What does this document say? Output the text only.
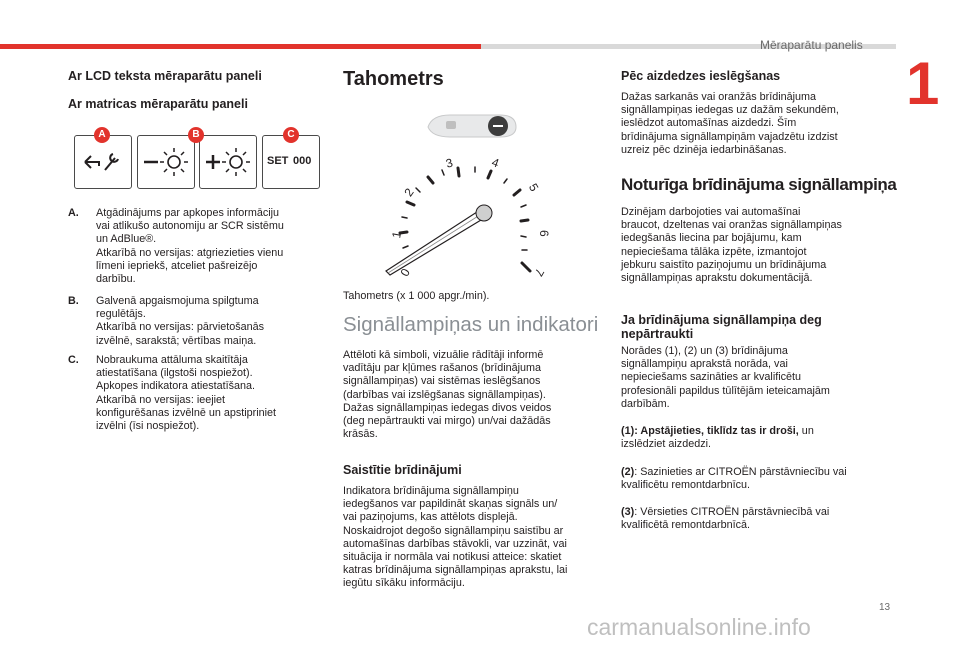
Mēraparātu panelis
1
Ar LCD teksta mēraparātu paneli
Ar matricas mēraparātu paneli
SET 000
A	B	C
A. Atgādinājums par apkopes informāciju

vai atlikušo autonomiju ar SCR sistēmu

un AdBlue®.

Atkarībā no versijas: atgriezieties vienu

līmeni iepriekš, atceliet pašreizējo

darbību.

B. Galvenā apgaismojuma spilgtuma

regulētājs.

Atkarībā no versijas: pārvietošanās

izvēlnē, sarakstā; vērtības maiņa.

C. Nobraukuma attāluma skaitītāja

atiestatīšana (ilgstoši nospiežot).

Apkopes indikatora atiestatīšana.

Atkarībā no versijas: ieejiet

konfigurēšanas izvēlnē un apstipriniet

izvēlni (īsi nospiežot).

Tahometrs
0
1
2
3	4
5
6
7

Tahometrs (x 1 000 apgr./min).

Signāllampiņas un indikatori

Attēloti kā simboli, vizuālie rādītāji informē

vadītāju par kļūmes rašanos (brīdinājuma

signāllampiņas) vai sistēmas ieslēgšanos

(darbības vai izslēgšanas signāllampiņas).

Dažas signāllampiņas iedegas divos veidos

(deg nepārtraukti vai mirgo) un/vai dažādās

krāsās.

Saistītie brīdinājumi

Indikatora brīdinājuma signāllampiņu

iedegšanos var papildināt skaņas signāls un/

vai paziņojums, kas attēlots displejā.

Noskaidrojot degošo signāllampiņu saistību ar

automašīnas darbības stāvokli, var uzzināt, vai

situācija ir normāla vai notikusi atteice: skatiet

katras brīdinājuma signāllampiņas aprakstu, lai

iegūtu sīkāku informāciju.

Pēc aizdedzes ieslēgšanas

Dažas sarkanās vai oranžās brīdinājuma

signāllampiņas iedegas uz dažām sekundēm,

ieslēdzot automašīnas aizdedzi. Šīm

brīdinājuma signāllampiņām vajadzētu izdzist

uzreiz pēc dzinēja iedarbināšanas.

Noturīga brīdinājuma signāllampiņa

Dzinējam darbojoties vai automašīnai

braucot, dzeltenas vai oranžas signāllampiņas

iedegšanās liecina par bojājumu, kam

nepieciešama tālāka izpēte, izmantojot

jebkuru saistīto paziņojumu un brīdinājuma

signāllampiņas aprakstu dokumentācijā.

Ja brīdinājuma signāllampiņa deg
nepārtraukti

Norādes (1), (2) un (3) brīdinājuma

signāllampiņu aprakstā norāda, vai

nepieciešams sazināties ar kvalificētu

profesionāli papildus tūlītējām ieteicamajām

darbībām.

(1): Apstājieties, tiklīdz tas ir droši, un

izslēdziet aizdedzi.

(2): Sazinieties ar CITROËN pārstāvniecību vai

kvalificētu remontdarbnīcu.

(3): Vērsieties CITROËN pārstāvniecībā vai

kvalificētā remontdarbnīcā.

13
carmanualsonline.info
